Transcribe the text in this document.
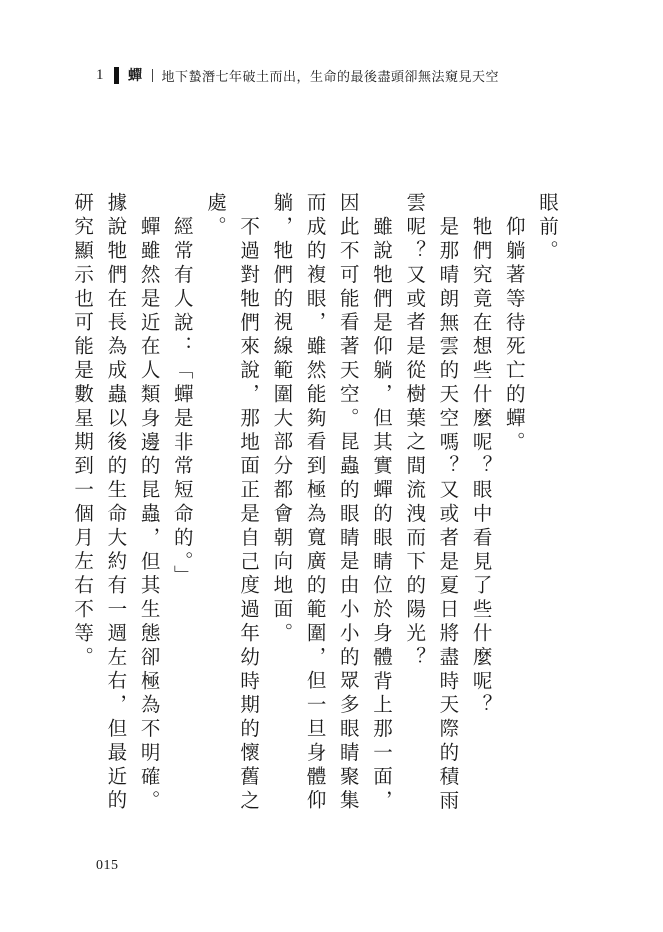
1 蟬 地下蟄潛七年破土而出，生命的最後盡頭卻無法窺見天空

眼前。

仰躺著等待死亡的蟬。

牠們究竟在想些什麼呢？眼中看見了些什麼呢？

是那晴朗無雲的天空嗎？又或者是夏日將盡時天際的積雨雲呢？又或者是從樹葉之間流洩而下的陽光？

雖說牠們是仰躺，但其實蟬的眼睛位於身體背上那一面，因此不可能看著天空。昆蟲的眼睛是由小小的眾多眼睛聚集而成的複眼，雖然能夠看到極為寬廣的範圍，但一旦身體仰躺，牠們的視線範圍大部分都會朝向地面。

不過對牠們來說，那地面正是自己度過年幼時期的懷舊之處。

經常有人說：「蟬是非常短命的。」

蟬雖然是近在人類身邊的昆蟲，但其生態卻極為不明確。據說牠們在長為成蟲以後的生命大約有一週左右，但最近的研究顯示也可能是數星期到一個月左右不等。

015
